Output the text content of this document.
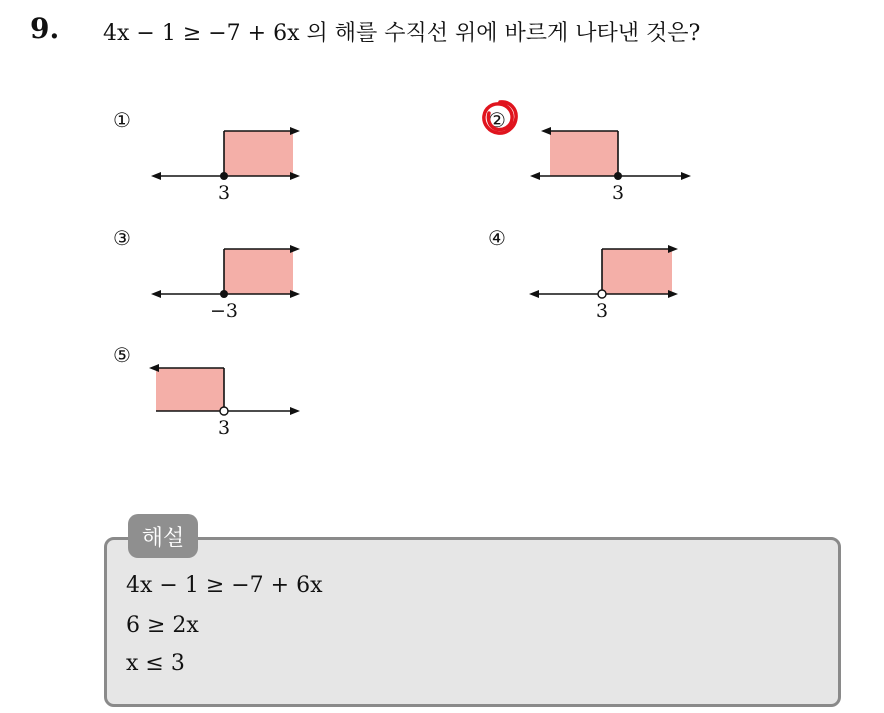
9. 4x − 1 ≥ −7 + 6x 의 해를 수직선 위에 바르게 나타낸 것은?
①
3
②
3
③
−3
④
3
⑤
3
해설
4x − 1 ≥ −7 + 6x
6 ≥ 2x
x ≤ 3
